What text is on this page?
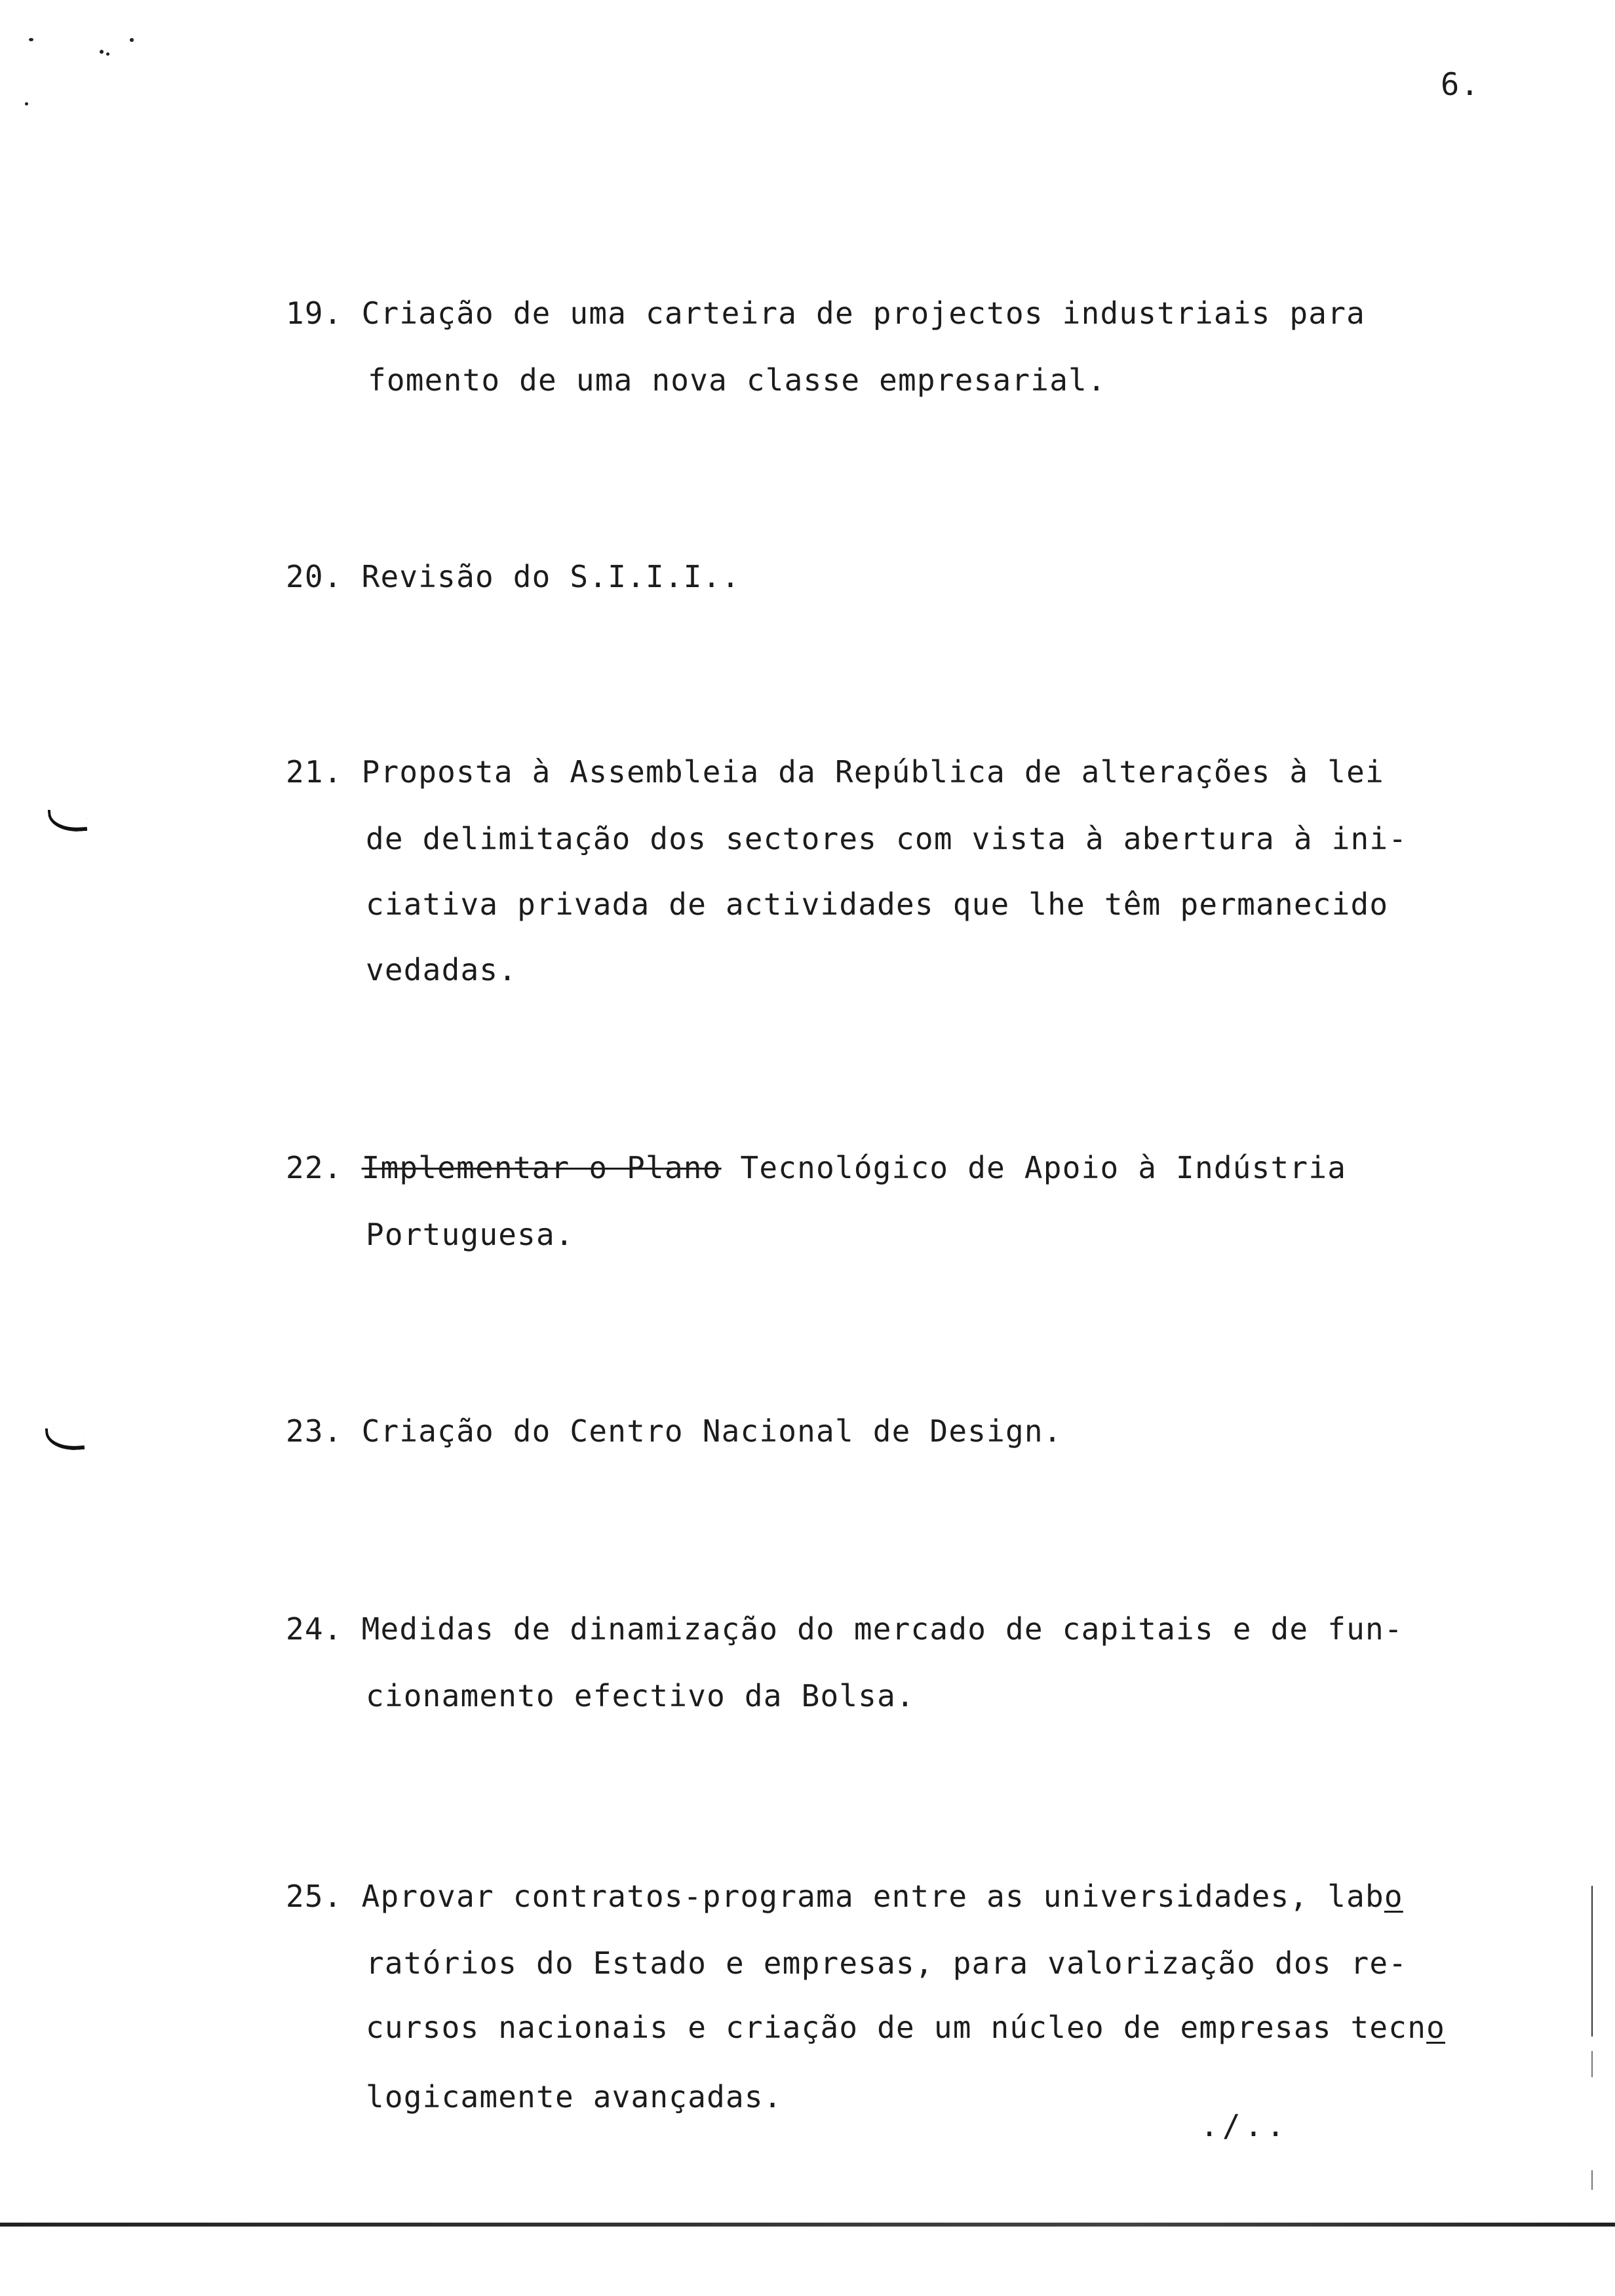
6.
19. Criação de uma carteira de projectos industriais para
fomento de uma nova classe empresarial.
20. Revisão do S.I.I.I..
21. Proposta à Assembleia da República de alterações à lei
de delimitação dos sectores com vista à abertura à ini-
ciativa privada de actividades que lhe têm permanecido
vedadas.
22. Implementar o Plano Tecnológico de Apoio à Indústria
Portuguesa.
23. Criação do Centro Nacional de Design.
24. Medidas de dinamização do mercado de capitais e de fun-
cionamento efectivo da Bolsa.
25. Aprovar contratos-programa entre as universidades, labo
ratórios do Estado e empresas, para valorização dos re-
cursos nacionais e criação de um núcleo de empresas tecno
logicamente avançadas.
./..
